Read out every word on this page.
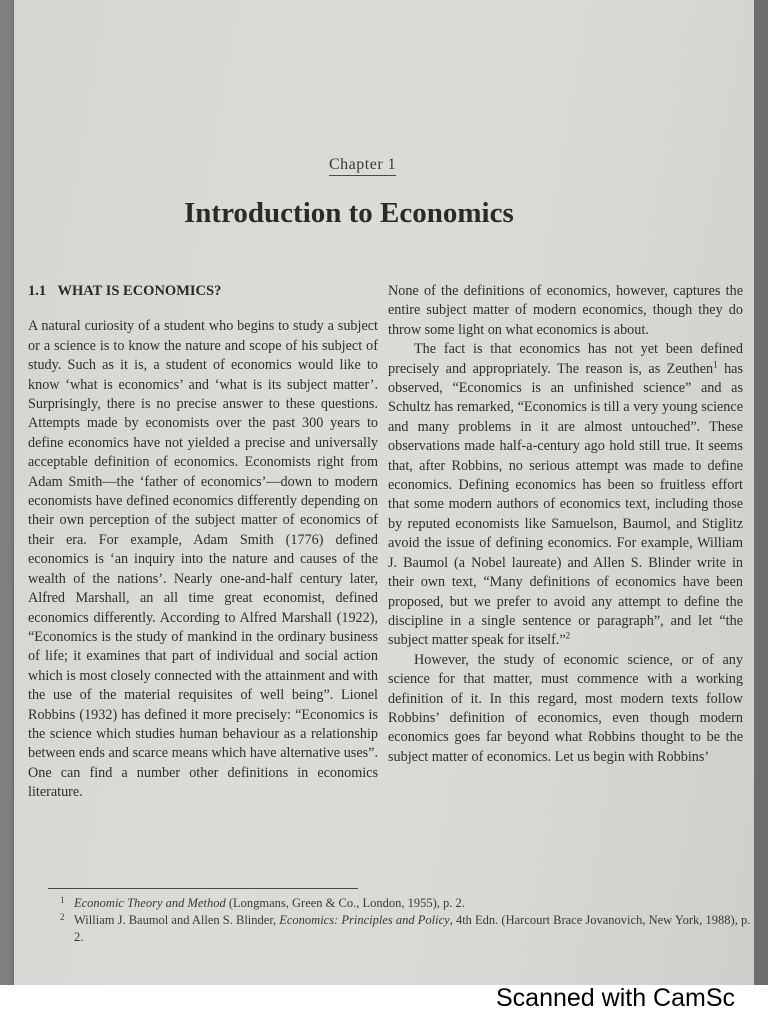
Chapter 1
Introduction to Economics
1.1 WHAT IS ECONOMICS?

A natural curiosity of a student who begins to study a subject or a science is to know the nature and scope of his subject of study. Such as it is, a student of economics would like to know ‘what is economics’ and ‘what is its subject matter’. Surprisingly, there is no precise answer to these questions. Attempts made by economists over the past 300 years to define economics have not yielded a precise and universally acceptable definition of economics. Economists right from Adam Smith—the ‘father of economics’—down to modern economists have defined economics differently depending on their own perception of the subject matter of economics of their era. For example, Adam Smith (1776) defined economics is ‘an inquiry into the nature and causes of the wealth of the nations’. Nearly one-and-half century later, Alfred Marshall, an all time great economist, defined economics differently. According to Alfred Marshall (1922), “Economics is the study of mankind in the ordinary business of life; it examines that part of individual and social action which is most closely connected with the attainment and with the use of the material requisites of well being”. Lionel Robbins (1932) has defined it more precisely: “Economics is the science which studies human behaviour as a relationship between ends and scarce means which have alternative uses”. One can find a number other definitions in economics literature.

None of the definitions of economics, however, captures the entire subject matter of modern economics, though they do throw some light on what economics is about.

The fact is that economics has not yet been defined precisely and appropriately. The reason is, as Zeuthen$^1$ has observed, “Economics is an unfinished science” and as Schultz has remarked, “Economics is till a very young science and many problems in it are almost untouched”. These observations made half-a-century ago hold still true. It seems that, after Robbins, no serious attempt was made to define economics. Defining economics has been so fruitless effort that some modern authors of economics text, including those by reputed economists like Samuelson, Baumol, and Stiglitz avoid the issue of defining economics. For example, William J. Baumol (a Nobel laureate) and Allen S. Blinder write in their own text, “Many definitions of economics have been proposed, but we prefer to avoid any attempt to define the discipline in a single sentence or paragraph”, and let “the subject matter speak for itself.”$^2$

However, the study of economic science, or of any science for that matter, must commence with a working definition of it. In this regard, most modern texts follow Robbins’ definition of economics, even though modern economics goes far beyond what Robbins thought to be the subject matter of economics. Let us begin with Robbins’

1 Economic Theory and Method (Longmans, Green & Co., London, 1955), p. 2.
2 William J. Baumol and Allen S. Blinder, Economics: Principles and Policy, 4th Edn. (Harcourt Brace Jovanovich, New York, 1988), p. 2.
Scanned with CamSc
